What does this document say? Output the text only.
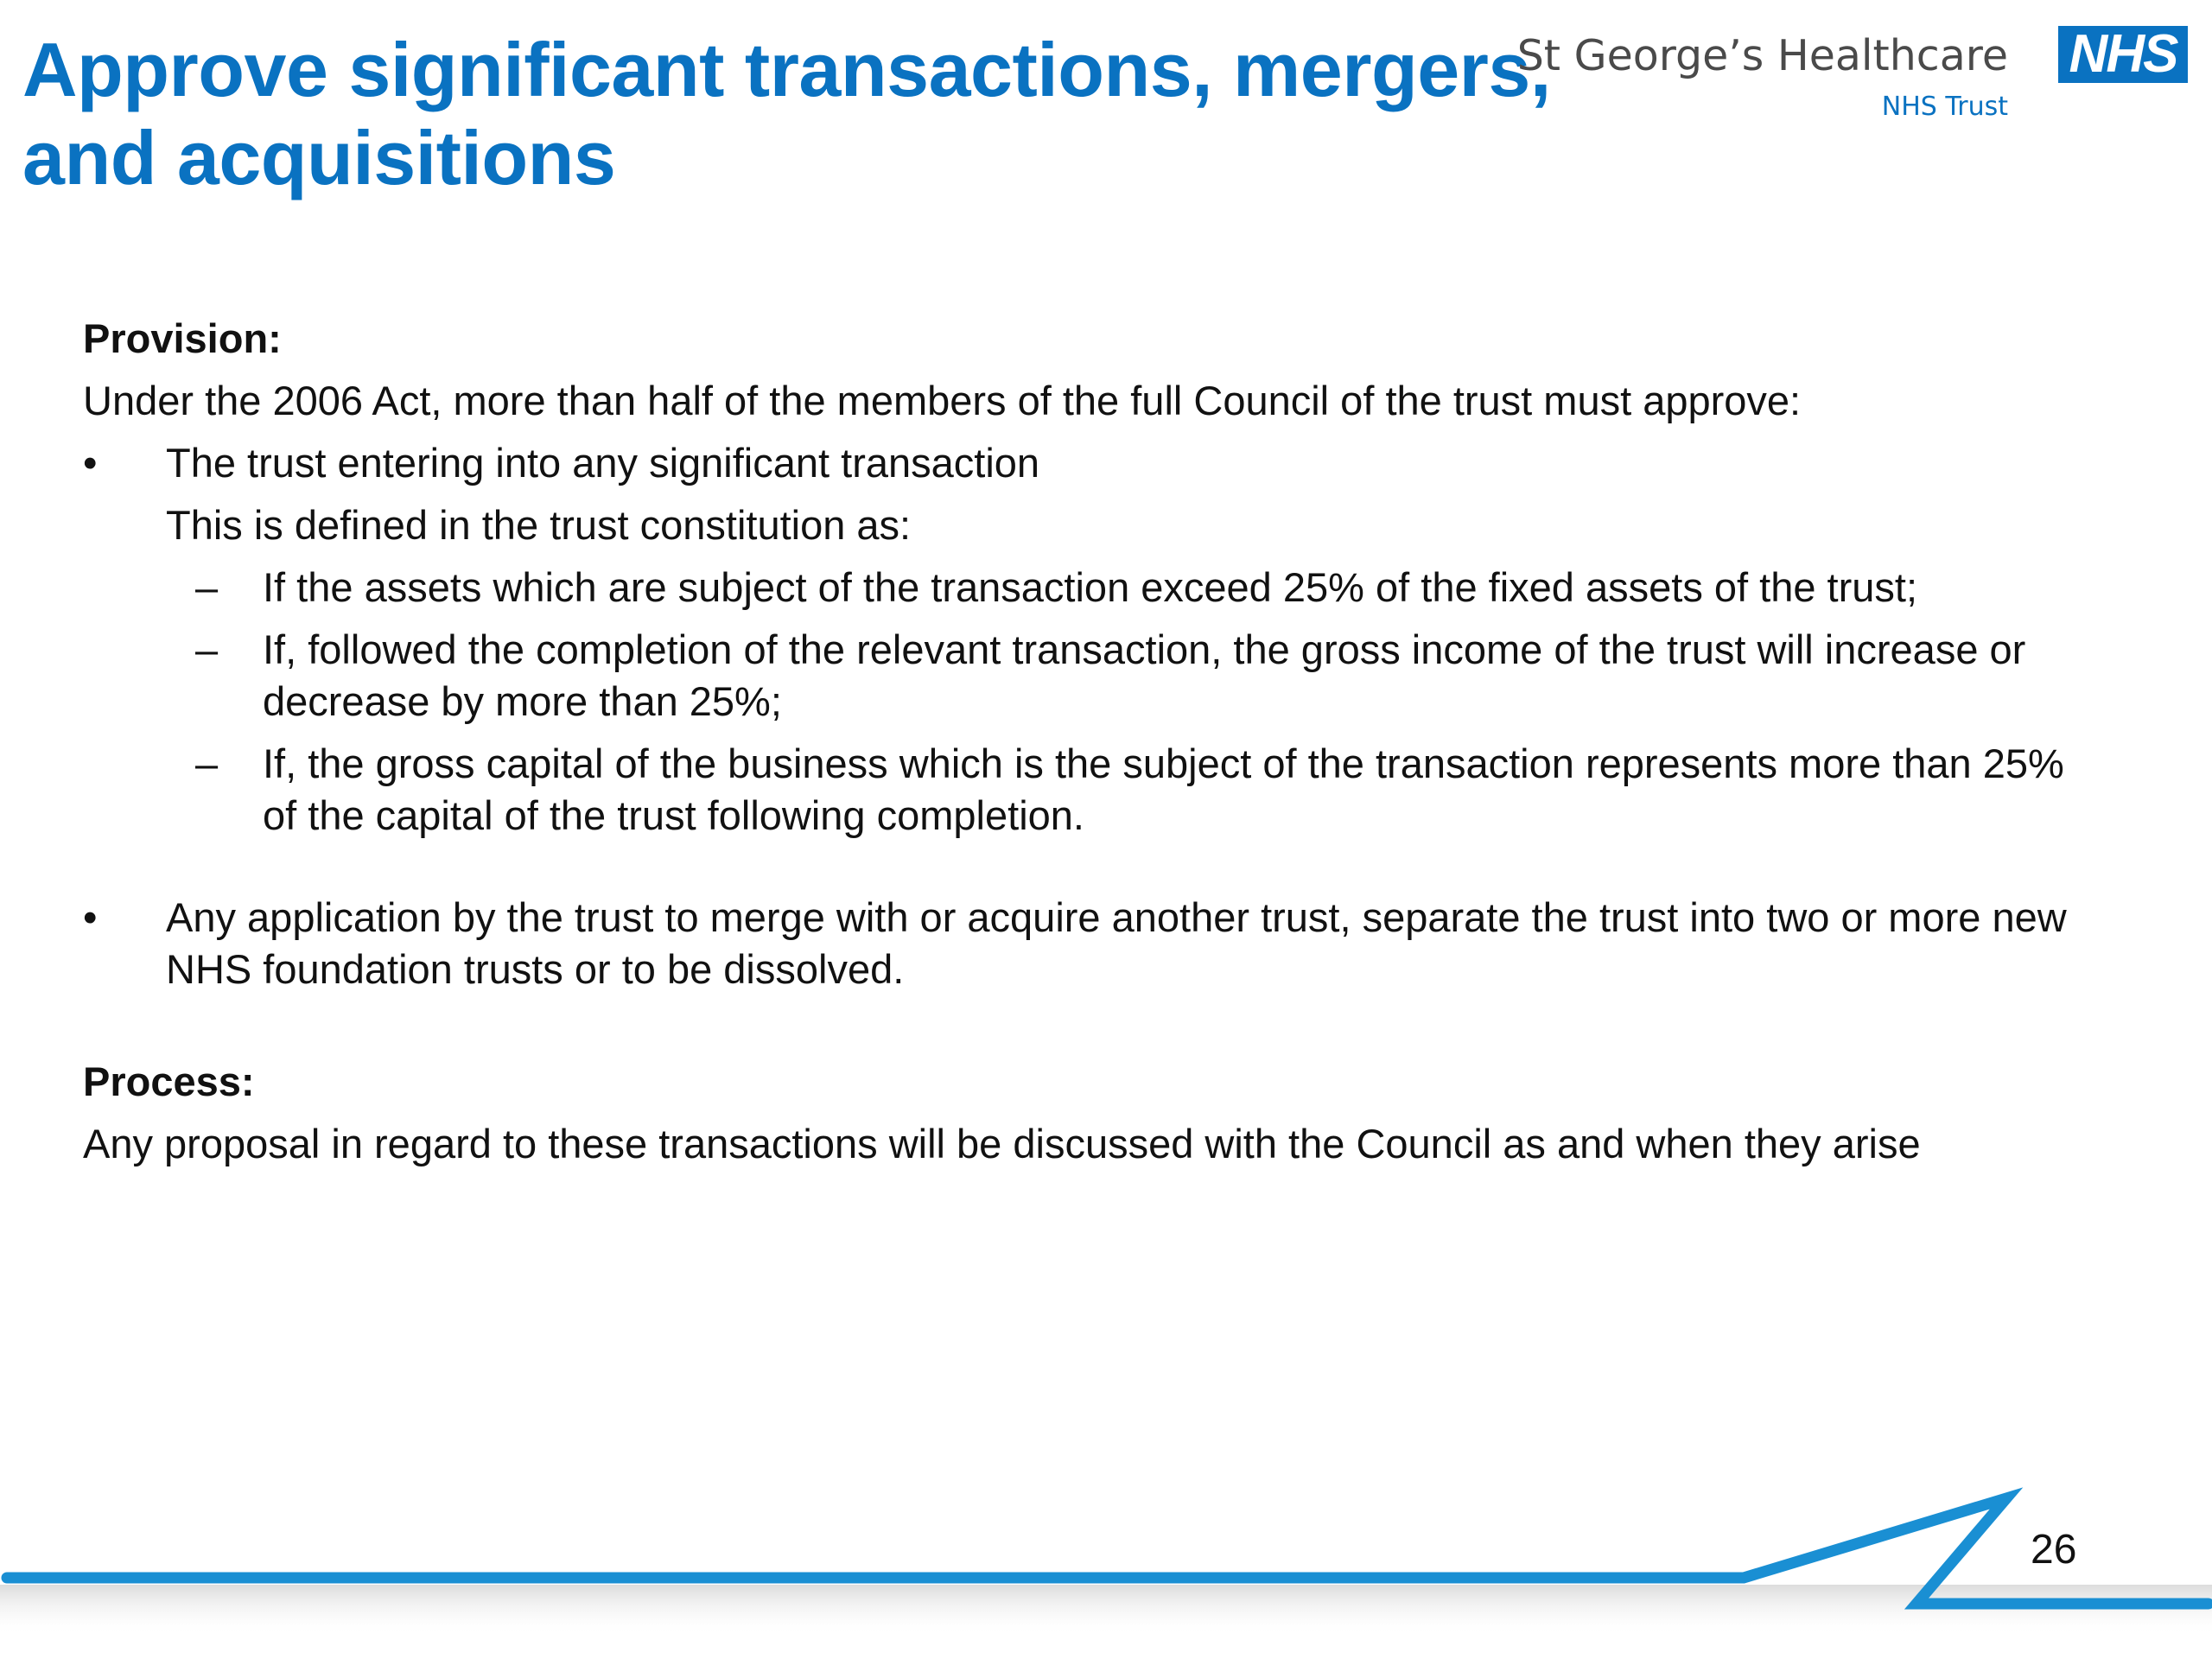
Approve significant transactions, mergers, and acquisitions
St George’s Healthcare
NHS Trust
NHS

Provision:

Under the 2006 Act, more than half of the members of the full Council of the trust must approve:

• The trust entering into any significant transaction

This is defined in the trust constitution as:

– If the assets which are subject of the transaction exceed 25% of the fixed assets of the trust;
– If, followed the completion of the relevant transaction, the gross income of the trust will increase or decrease by more than 25%;
– If, the gross capital of the business which is the subject of the transaction represents more than 25% of the capital of the trust following completion.
• Any application by the trust to merge with or acquire another trust, separate the trust into two or more new NHS foundation trusts or to be dissolved.

Process:

Any proposal in regard to these transactions will be discussed with the Council as and when they arise

26
